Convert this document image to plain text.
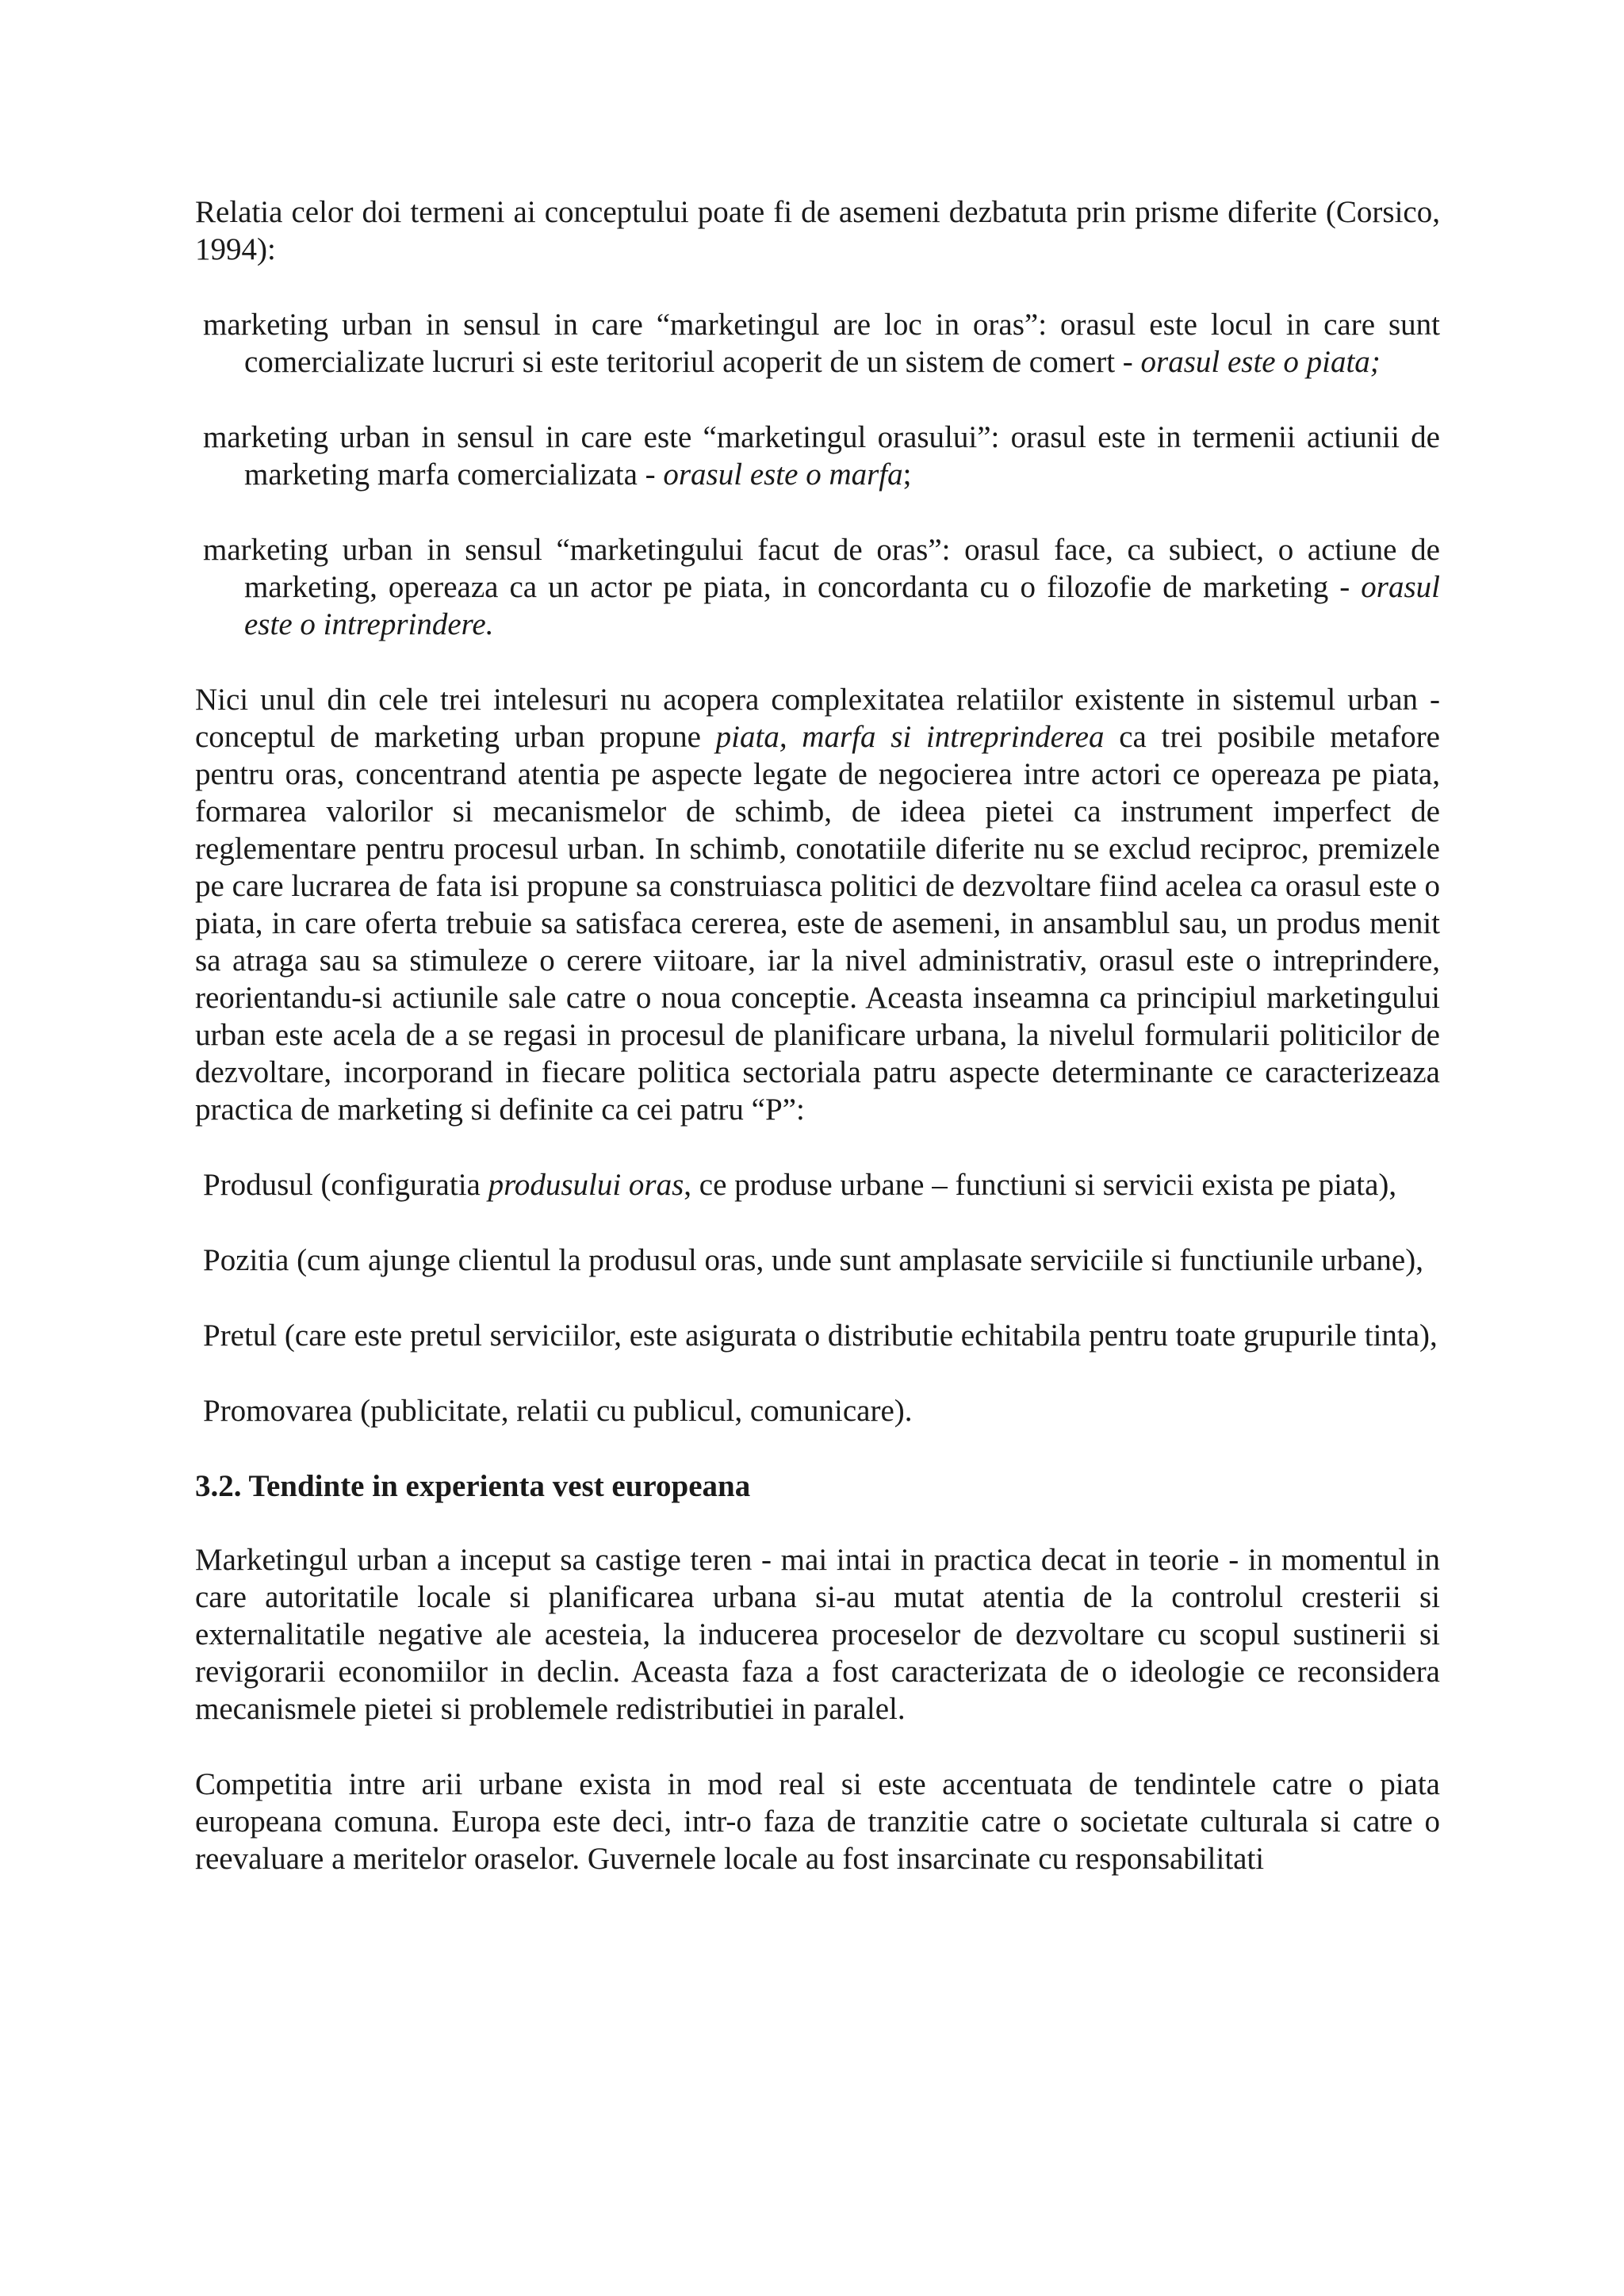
Relatia celor doi termeni ai conceptului poate fi de asemeni dezbatuta prin prisme diferite (Corsico, 1994):

marketing urban in sensul in care “marketingul are loc in oras”: orasul este locul in care sunt comercializate lucruri si este teritoriul acoperit de un sistem de comert - orasul este o piata;

marketing urban in sensul in care este “marketingul orasului”: orasul este in termenii actiunii de marketing marfa comercializata - orasul este o marfa;

marketing urban in sensul “marketingului facut de oras”: orasul face, ca subiect, o actiune de marketing, opereaza ca un actor pe piata, in concordanta cu o filozofie de marketing - orasul este o intreprindere.

Nici unul din cele trei intelesuri nu acopera complexitatea relatiilor existente in sistemul urban - conceptul de marketing urban propune piata, marfa si intreprinderea ca trei posibile metafore pentru oras, concentrand atentia pe aspecte legate de negocierea intre actori ce opereaza pe piata, formarea valorilor si mecanismelor de schimb, de ideea pietei ca instrument imperfect de reglementare pentru procesul urban. In schimb, conotatiile diferite nu se exclud reciproc, premizele pe care lucrarea de fata isi propune sa construiasca politici de dezvoltare fiind acelea ca orasul este o piata, in care oferta trebuie sa satisfaca cererea, este de asemeni, in ansamblul sau, un produs menit sa atraga sau sa stimuleze o cerere viitoare, iar la nivel administrativ, orasul este o intreprindere, reorientandu-si actiunile sale catre o noua conceptie. Aceasta inseamna ca principiul marketingului urban este acela de a se regasi in procesul de planificare urbana, la nivelul formularii politicilor de dezvoltare, incorporand in fiecare politica sectoriala patru aspecte determinante ce caracterizeaza practica de marketing si definite ca cei patru “P”:

Produsul (configuratia produsului oras, ce produse urbane – functiuni si servicii exista pe piata),

Pozitia (cum ajunge clientul la produsul oras, unde sunt amplasate serviciile si functiunile urbane),

Pretul (care este pretul serviciilor, este asigurata o distributie echitabila pentru toate grupurile tinta),

Promovarea (publicitate, relatii cu publicul, comunicare).

3.2. Tendinte in experienta vest europeana

Marketingul urban a inceput sa castige teren - mai intai in practica decat in teorie - in momentul in care autoritatile locale si planificarea urbana si-au mutat atentia de la controlul cresterii si externalitatile negative ale acesteia, la inducerea proceselor de dezvoltare cu scopul sustinerii si revigorarii economiilor in declin. Aceasta faza a fost caracterizata de o ideologie ce reconsidera mecanismele pietei si problemele redistributiei in paralel.

Competitia intre arii urbane exista in mod real si este accentuata de tendintele catre o piata europeana comuna. Europa este deci, intr-o faza de tranzitie catre o societate culturala si catre o reevaluare a meritelor oraselor. Guvernele locale au fost insarcinate cu responsabilitati
